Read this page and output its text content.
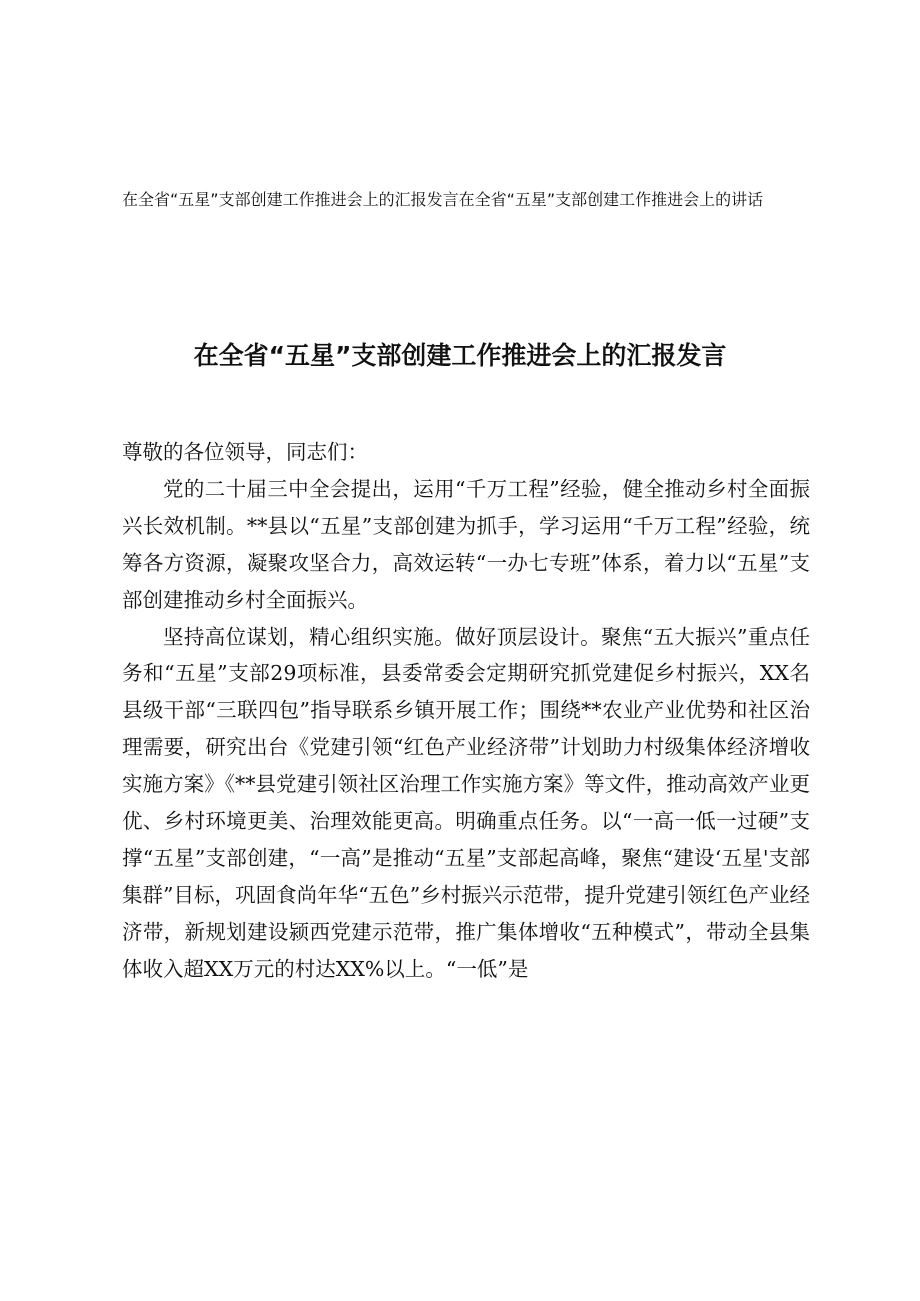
在全省“五星”支部创建工作推进会上的汇报发言在全省“五星”支部创建工作推进会上的讲话
在全省“五星”支部创建工作推进会上的汇报发言

尊敬的各位领导，同志们：

党的二十届三中全会提出，运用“千万工程”经验，健全推动乡村全面振兴长效机制。**县以“五星”支部创建为抓手，学习运用“千万工程”经验，统筹各方资源，凝聚攻坚合力，高效运转“一办七专班”体系，着力以“五星”支部创建推动乡村全面振兴。

坚持高位谋划，精心组织实施。做好顶层设计。聚焦“五大振兴”重点任务和“五星”支部29项标准，县委常委会定期研究抓党建促乡村振兴，XX名县级干部“三联四包”指导联系乡镇开展工作；围绕**农业产业优势和社区治理需要，研究出台《党建引领“红色产业经济带”计划助力村级集体经济增收实施方案》《**县党建引领社区治理工作实施方案》等文件，推动高效产业更优、乡村环境更美、治理效能更高。明确重点任务。以“一高一低一过硬”支撑“五星”支部创建，“一高”是推动“五星”支部起高峰，聚焦“建设‘五星'支部集群”目标，巩固食尚年华“五色”乡村振兴示范带，提升党建引领红色产业经济带，新规划建设颍西党建示范带，推广集体增收“五种模式”，带动全县集体收入超XX万元的村达XX%以上。“一低”是
